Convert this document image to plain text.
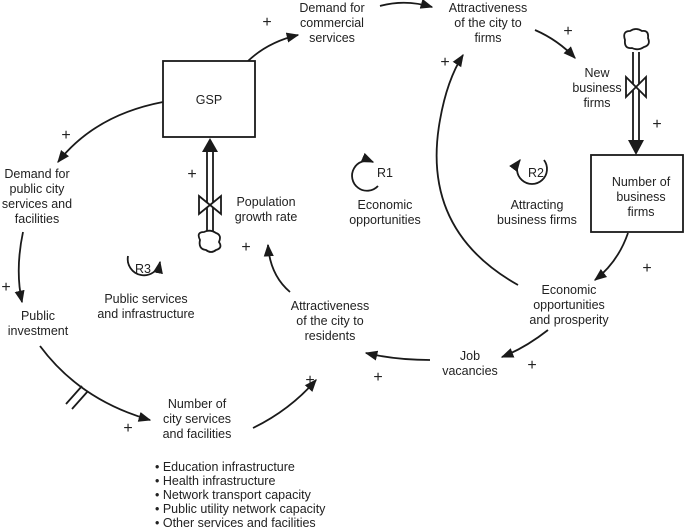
GSP
R1
Economic
opportunities
R2
Attracting
business firms
R3
Public services
and infrastructure
Demand for
commercial
services
Attractiveness
of the city to
firms
New
business
firms
Number of
business
firms
Demand for
public city
services and
facilities
Population
growth rate
Public
investment
Attractiveness
of the city to
residents
Economic
opportunities
and prosperity
Job
vacancies
Number of
city services
and facilities
+
+
+
+
+
+
+	+
+
+
+
+
+
• Education infrastructure
• Health infrastructure
• Network transport capacity
• Public utility network capacity
• Other services and facilities
